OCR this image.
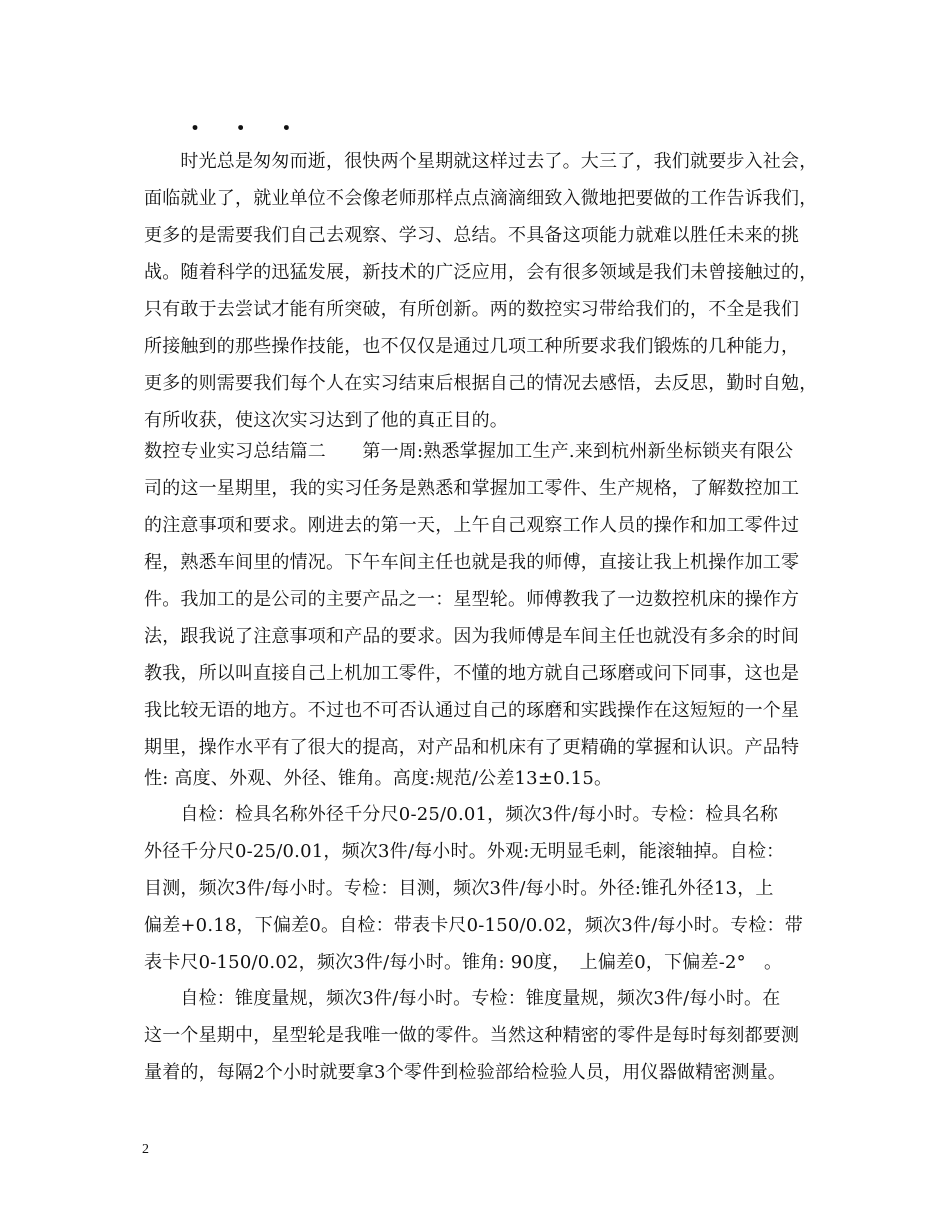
・ ・ ・
　　时光总是匆匆而逝，很快两个星期就这样过去了。大三了，我们就要步入社会，
面临就业了，就业单位不会像老师那样点点滴滴细致入微地把要做的工作告诉我们，
更多的是需要我们自己去观察、学习、总结。不具备这项能力就难以胜任未来的挑
战。随着科学的迅猛发展，新技术的广泛应用，会有很多领域是我们未曾接触过的，
只有敢于去尝试才能有所突破，有所创新。两的数控实习带给我们的，不全是我们
所接触到的那些操作技能，也不仅仅是通过几项工种所要求我们锻炼的几种能力，
更多的则需要我们每个人在实习结束后根据自己的情况去感悟，去反思，勤时自勉，
有所收获，使这次实习达到了他的真正目的。
数控专业实习总结篇二　　第一周:熟悉掌握加工生产.来到杭州新坐标锁夹有限公
司的这一星期里，我的实习任务是熟悉和掌握加工零件、生产规格，了解数控加工
的注意事项和要求。刚进去的第一天，上午自己观察工作人员的操作和加工零件过
程，熟悉车间里的情况。下午车间主任也就是我的师傅，直接让我上机操作加工零
件。我加工的是公司的主要产品之一：星型轮。师傅教我了一边数控机床的操作方
法，跟我说了注意事项和产品的要求。因为我师傅是车间主任也就没有多余的时间
教我，所以叫直接自己上机加工零件，不懂的地方就自己琢磨或问下同事，这也是
我比较无语的地方。不过也不可否认通过自己的琢磨和实践操作在这短短的一个星
期里，操作水平有了很大的提高，对产品和机床有了更精确的掌握和认识。产品特
性: 高度、外观、外径、锥角。高度:规范/公差13±0.15。
　　自检：检具名称外径千分尺0-25/0.01，频次3件/每小时。专检：检具名称
外径千分尺0-25/0.01，频次3件/每小时。外观:无明显毛刺，能滚轴掉。自检：
目测，频次3件/每小时。专检：目测，频次3件/每小时。外径:锥孔外径13，上
偏差+0.18，下偏差0。自检：带表卡尺0-150/0.02，频次3件/每小时。专检：带
表卡尺0-150/0.02，频次3件/每小时。锥角: 90度，　上偏差0，下偏差-2°　。
　　自检：锥度量规，频次3件/每小时。专检：锥度量规，频次3件/每小时。在
这一个星期中，星型轮是我唯一做的零件。当然这种精密的零件是每时每刻都要测
量着的，每隔2个小时就要拿3个零件到检验部给检验人员，用仪器做精密测量。
2
